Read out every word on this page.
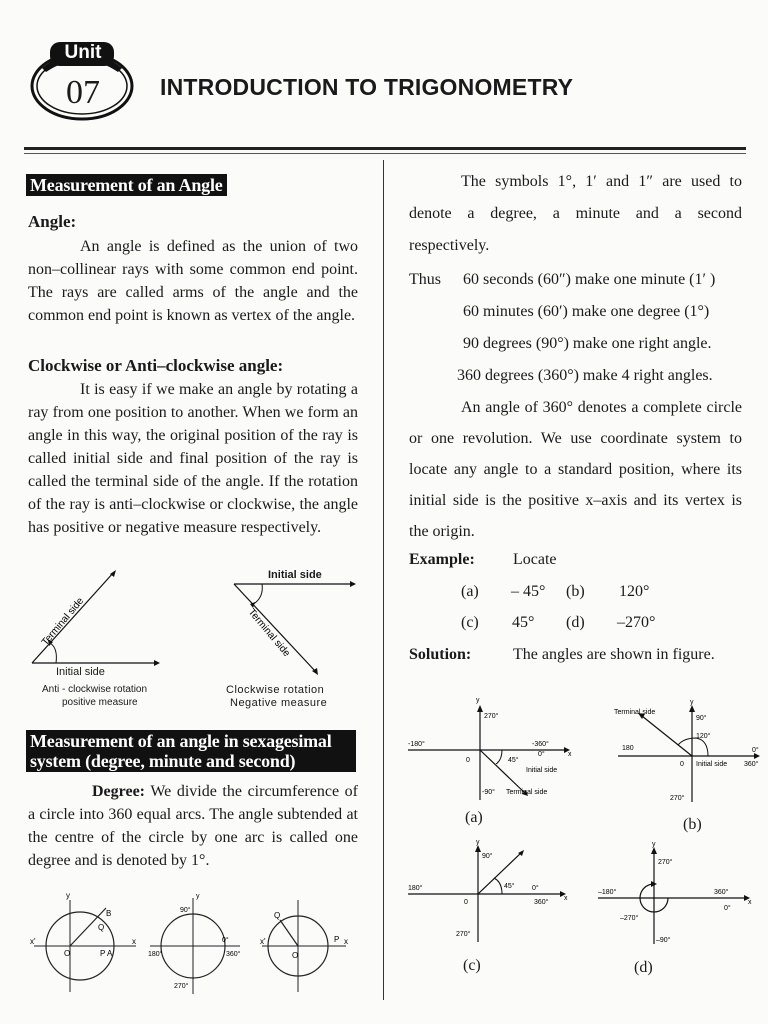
Unit
07	INTRODUCTION TO TRIGONOMETRY
Measurement of an Angle
Angle:
An angle is defined as the union of two non–collinear rays with some common end point. The rays are called arms of the angle and the common end point is known as vertex of the angle.
Clockwise or Anti–clockwise angle:
It is easy if we make an angle by rotating a ray from one position to another. When we form an angle in this way, the original position of the ray is called initial side and final position of the ray is called the terminal side of the angle. If the rotation of the ray is anti–clockwise or clockwise, the angle has positive or negative measure respectively.
Terminal side
Initial side
Anti - clockwise rotation
positive measure
Terminal side
Initial side
Clockwise rotation
Negative measure
Measurement of an angle in sexagesimal
system (degree, minute and second)
Degree: We divide the circumference of a circle into 360 equal arcs. The angle subtended at the centre of the circle by one arc is called one degree and is denoted by 1°.
B
Q
P A
O
y
x'	x
90°
0°
360°
180°
270°
y
Q
P
O
x'	x
The symbols 1°, 1′ and 1″ are used to denote a degree, a minute and a second respectively.
Thus 60 seconds (60″) make one minute (1′ )
60 minutes (60′) make one degree (1°)
90 degrees (90°) make one right angle.
360 degrees (360°) make 4 right angles.
An angle of 360° denotes a complete circle or one revolution. We use coordinate system to locate any angle to a standard position, where its initial side is the positive x–axis and its vertex is the origin.
Example: Locate
(a) – 45° (b) 120°
(c) 45° (d) –270°
Solution:	The angles are shown in figure.
y
270°
-180°	-360°
x
0	45°
0°
Initial side
-90° Terminal side
(a)
y
Terminal side
90°
120°
180
0 Initial side 360°
0°
270°
(b)
y
90°
45°
180°	0°
x
0	360°
270°
(c)
y
270°
–180°
–270°
360°
0°
x
–90°
(d)
